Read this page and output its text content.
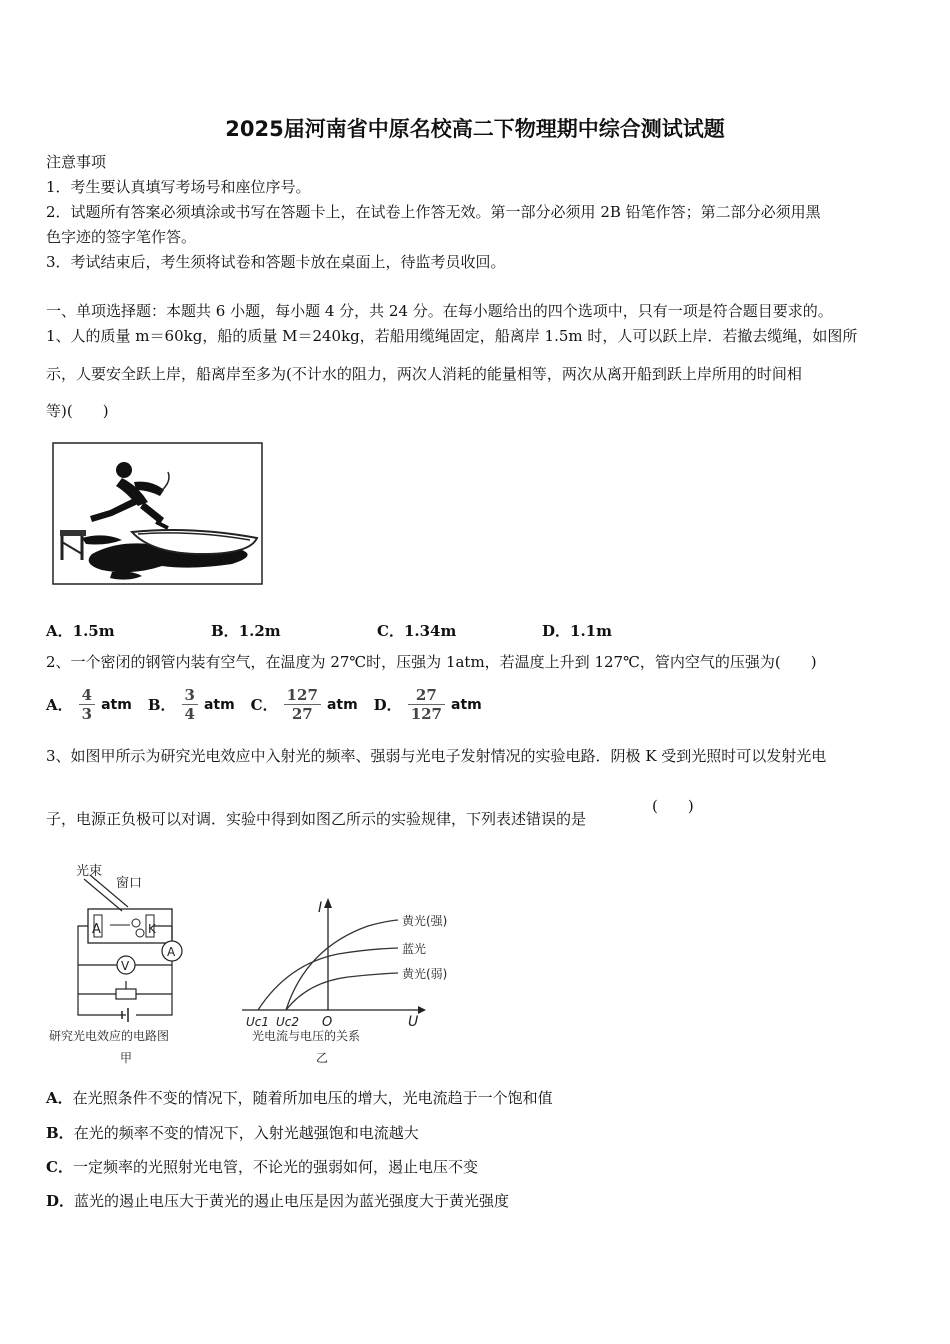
2025届河南省中原名校高二下物理期中综合测试试题
注意事项
1．考生要认真填写考场号和座位序号。
2．试题所有答案必须填涂或书写在答题卡上，在试卷上作答无效。第一部分必须用 2B 铅笔作答；第二部分必须用黑
色字迹的签字笔作答。
3．考试结束后，考生须将试卷和答题卡放在桌面上，待监考员收回。
一、单项选择题：本题共 6 小题，每小题 4 分，共 24 分。在每小题给出的四个选项中，只有一项是符合题目要求的。
1、人的质量 m＝60kg，船的质量 M＝240kg，若船用缆绳固定，船离岸 1.5m 时，人可以跃上岸．若撤去缆绳，如图所
示，人要安全跃上岸，船离岸至多为(不计水的阻力，两次人消耗的能量相等，两次从离开船到跃上岸所用的时间相
等)(　　)
A．1.5m	B．1.2m	C．1.34m	D．1.1m
2、一个密闭的钢管内装有空气，在温度为 27℃时，压强为 1atm，若温度上升到 127℃，管内空气的压强为(　　)
A． $\frac{4}{3}$ atm B． $\frac{3}{4}$ atm C． $\frac{127}{27}$ atm D． $\frac{27}{127}$ atm
3、如图甲所示为研究光电效应中入射光的频率、强弱与光电子发射情况的实验电路．阴极 K 受到光照时可以发射光电
子，电源正负极可以对调．实验中得到如图乙所示的实验规律，下列表述错误的是
(　　)
光束
窗口
A	K
A
V
研究光电效应的电路图
甲
I
U
O
Uc1 Uc2
黄光(强)
蓝光
黄光(弱)
光电流与电压的关系
乙
A．在光照条件不变的情况下，随着所加电压的增大，光电流趋于一个饱和值
B．在光的频率不变的情况下，入射光越强饱和电流越大
C．一定频率的光照射光电管，不论光的强弱如何，遏止电压不变
D．蓝光的遏止电压大于黄光的遏止电压是因为蓝光强度大于黄光强度
